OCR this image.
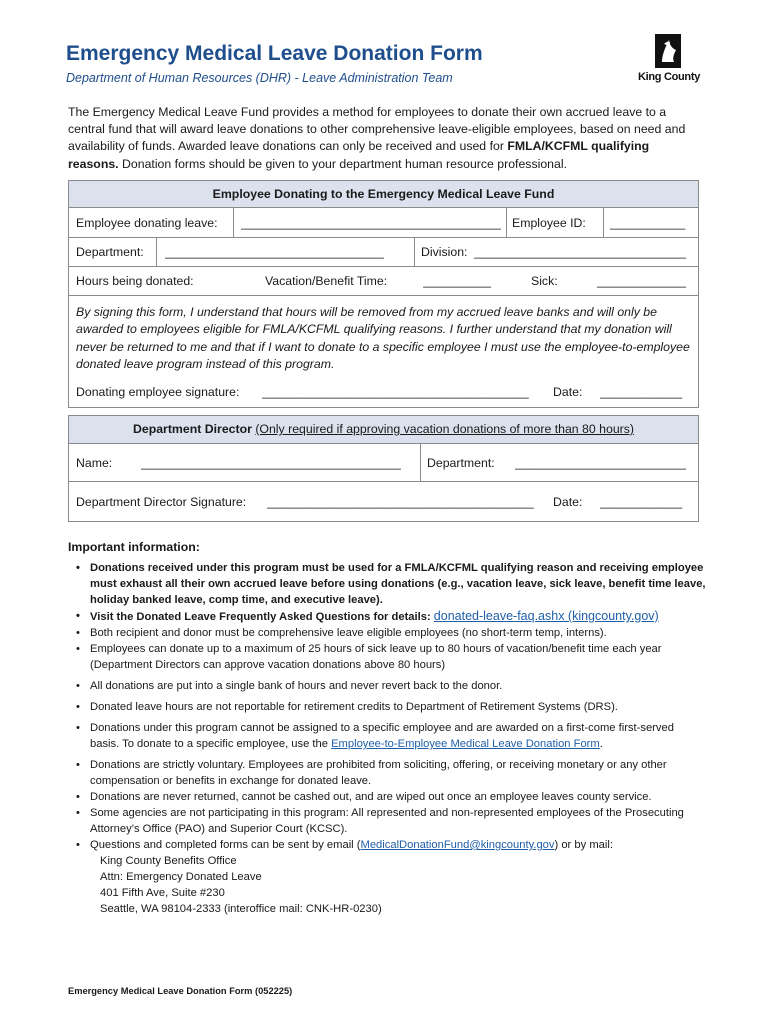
Emergency Medical Leave Donation Form
Department of Human Resources (DHR) - Leave Administration Team	King County

The Emergency Medical Leave Fund provides a method for employees to donate their own accrued leave to a central fund that will award leave donations to other comprehensive leave-eligible employees, based on need and availability of funds. Awarded leave donations can only be received and used for FMLA/KCFML qualifying reasons. Donation forms should be given to your department human resource professional.

Employee Donating to the Emergency Medical Leave Fund
Employee donating leave: ______________________________________ Employee ID: ___________
Department: ________________________________	Division: _______________________________
Hours being donated:	Vacation/Benefit Time:	__________	Sick:	_____________

By signing this form, I understand that hours will be removed from my accrued leave banks and will only be awarded to employees eligible for FMLA/KCFML qualifying reasons. I further understand that my donation will never be returned to me and that if I want to donate to a specific employee I must use the employee-to-employee donated leave program instead of this program.

Donating employee signature: _______________________________________	Date: ____________
Department Director (Only required if approving vacation donations of more than 80 hours)
Name: ______________________________________	Department: _________________________
Department Director Signature: _______________________________________	Date: ____________
Important information:
• Donations received under this program must be used for a FMLA/KCFML qualifying reason and receiving employee must exhaust all their own accrued leave before using donations (e.g., vacation leave, sick leave, benefit time leave, holiday banked leave, comp time, and executive leave).
• Visit the Donated Leave Frequently Asked Questions for details: donated-leave-faq.ashx (kingcounty.gov)
• Both recipient and donor must be comprehensive leave eligible employees (no short-term temp, interns).
• Employees can donate up to a maximum of 25 hours of sick leave up to 80 hours of vacation/benefit time each year (Department Directors can approve vacation donations above 80 hours)
• All donations are put into a single bank of hours and never revert back to the donor.
• Donated leave hours are not reportable for retirement credits to Department of Retirement Systems (DRS).
• Donations under this program cannot be assigned to a specific employee and are awarded on a first-come first-served basis. To donate to a specific employee, use the Employee-to-Employee Medical Leave Donation Form.
• Donations are strictly voluntary. Employees are prohibited from soliciting, offering, or receiving monetary or any other compensation or benefits in exchange for donated leave.
• Donations are never returned, cannot be cashed out, and are wiped out once an employee leaves county service.
• Some agencies are not participating in this program: All represented and non-represented employees of the Prosecuting Attorney’s Office (PAO) and Superior Court (KCSC).
• Questions and completed forms can be sent by email (MedicalDonationFund@kingcounty.gov) or by mail:
King County Benefits Office
Attn: Emergency Donated Leave
401 Fifth Ave, Suite #230
Seattle, WA 98104-2333 (interoffice mail: CNK-HR-0230)
Emergency Medical Leave Donation Form (052225)
